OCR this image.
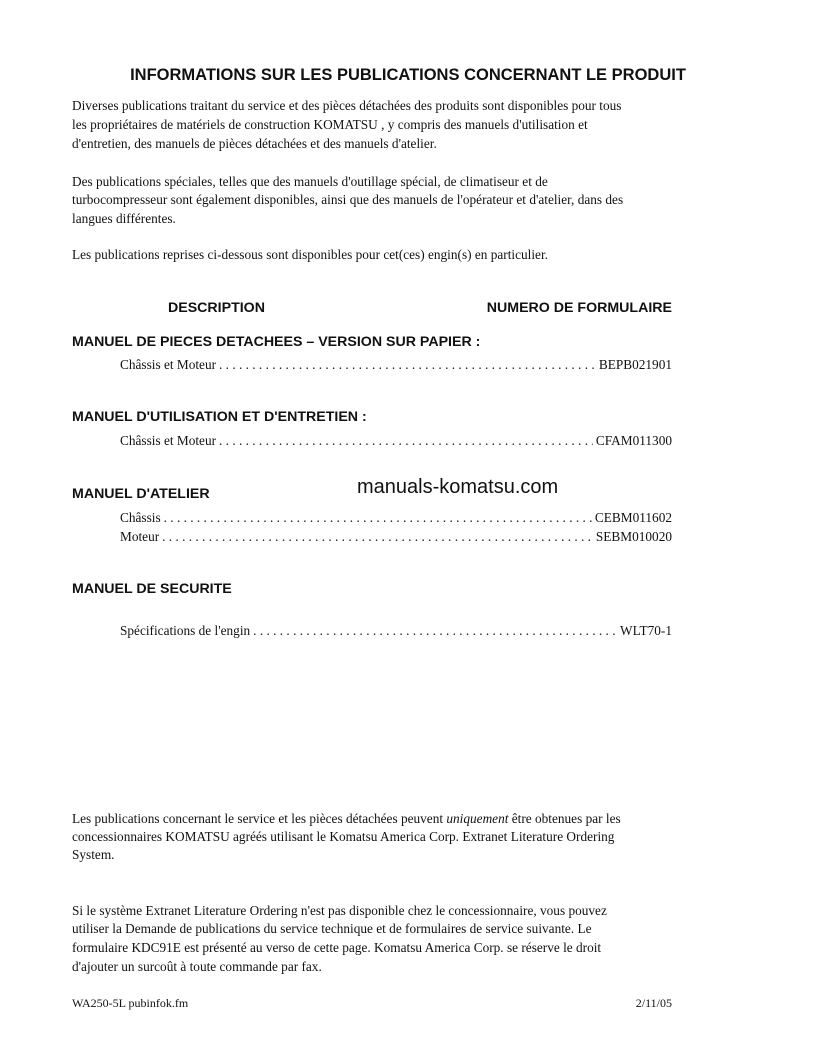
INFORMATIONS SUR LES PUBLICATIONS CONCERNANT LE PRODUIT
Diverses publications traitant du service et des pièces détachées des produits sont disponibles pour tous
les propriétaires de matériels de construction KOMATSU , y compris des manuels d'utilisation et
d'entretien, des manuels de pièces détachées et des manuels d'atelier.
Des publications spéciales, telles que des manuels d'outillage spécial, de climatiseur et de
turbocompresseur sont également disponibles, ainsi que des manuels de l'opérateur et d'atelier, dans des
langues différentes.
Les publications reprises ci-dessous sont disponibles pour cet(ces) engin(s) en particulier.
DESCRIPTION	NUMERO DE FORMULAIRE
MANUEL DE PIECES DETACHEES – VERSION SUR PAPIER :
Châssis et Moteur . . .	BEPB021901
MANUEL D'UTILISATION ET D'ENTRETIEN :
Châssis et Moteur . . .	CFAM011300
MANUEL D'ATELIER
Châssis . . .	CEBM011602
Moteur . . .	SEBM010020
MANUEL DE SECURITE
Spécifications de l'engin . . .	WLT70-1
manuals-komatsu.com
Les publications concernant le service et les pièces détachées peuvent uniquement être obtenues par les
concessionnaires KOMATSU agréés utilisant le Komatsu America Corp. Extranet Literature Ordering
System.
Si le système Extranet Literature Ordering n'est pas disponible chez le concessionnaire, vous pouvez
utiliser la Demande de publications du service technique et de formulaires de service suivante. Le
formulaire KDC91E est présenté au verso de cette page. Komatsu America Corp. se réserve le droit
d'ajouter un surcoût à toute commande par fax.
WA250-5L pubinfok.fm	2/11/05
